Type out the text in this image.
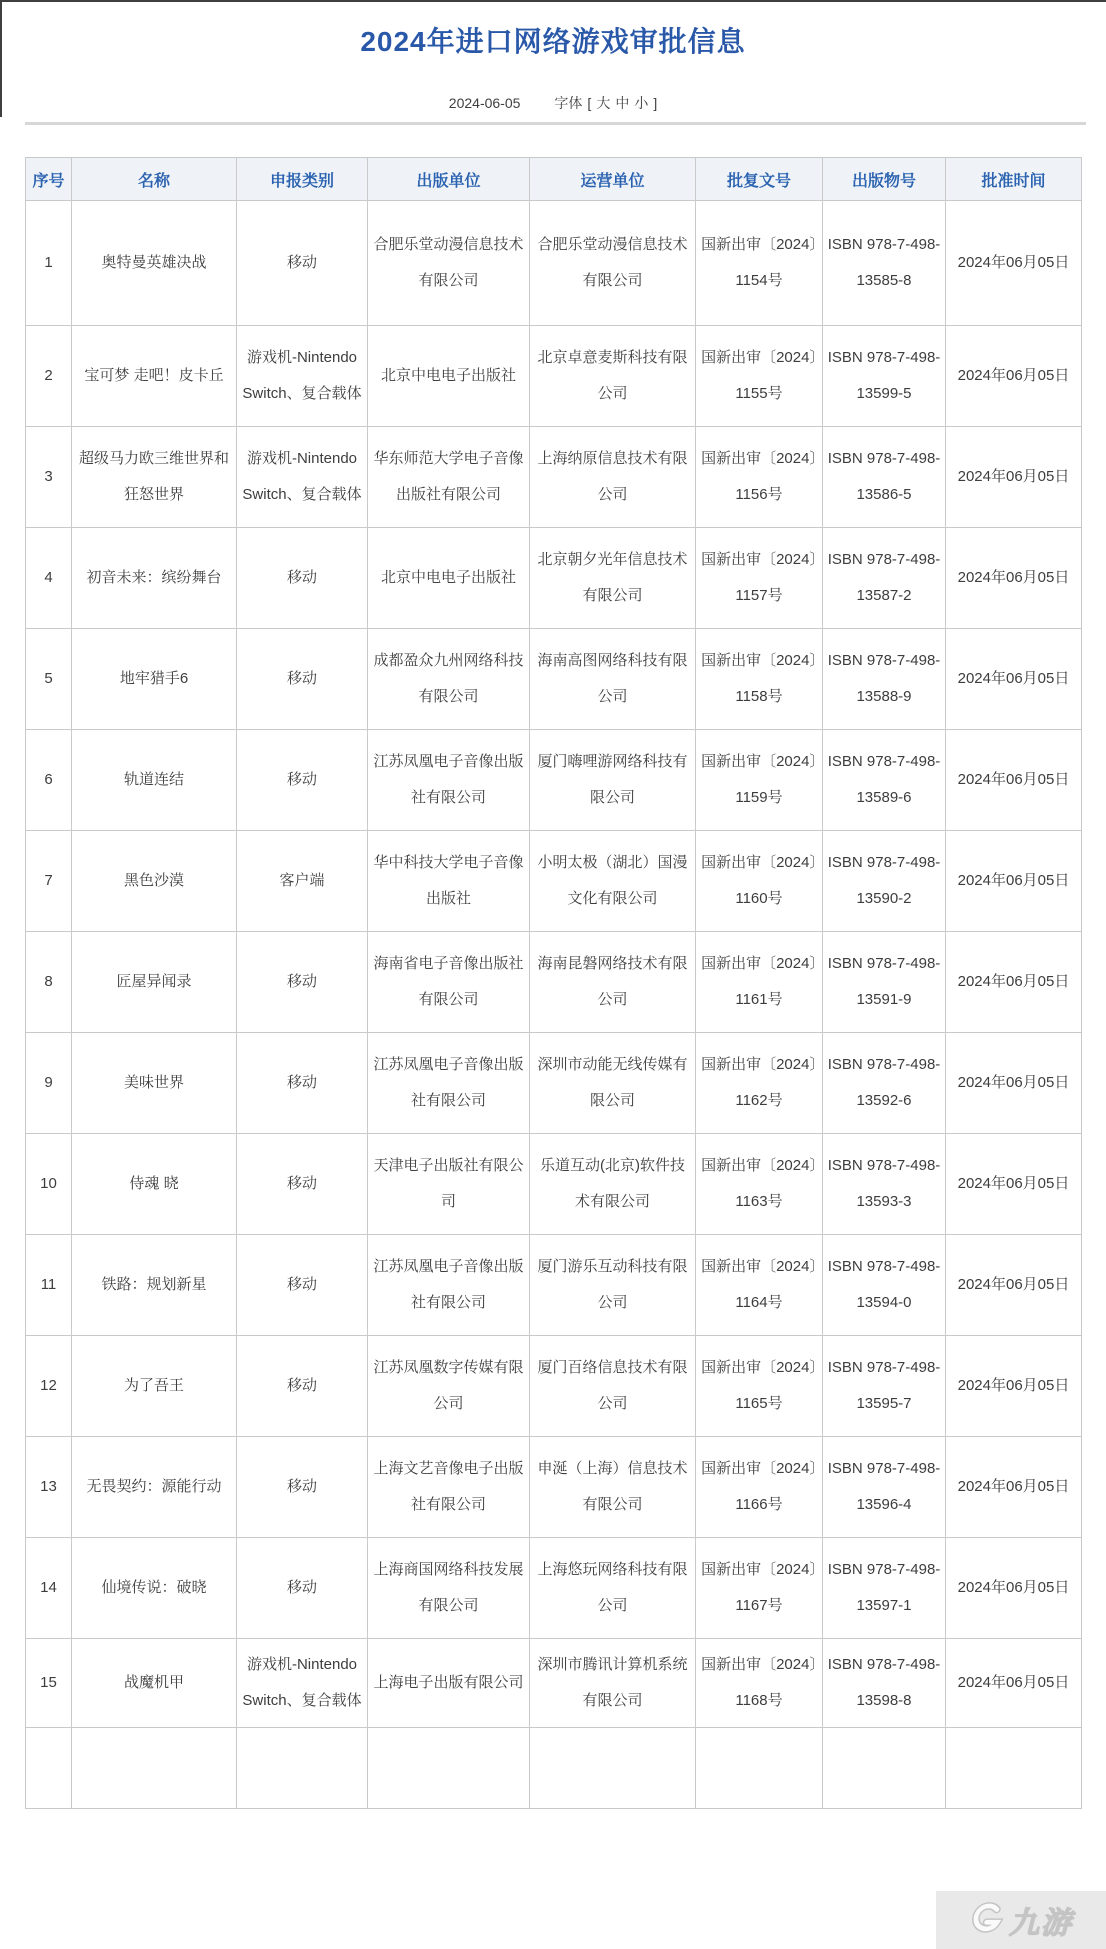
2024年进口网络游戏审批信息
2024-06-05 字体 [ 大 中 小 ]
序号	名称	申报类别	出版单位	运营单位	批复文号	出版物号	批准时间
1	奥特曼英雄决战	移动	合肥乐堂动漫信息技术有限公司	合肥乐堂动漫信息技术有限公司	国新出审〔2024〕1154号	ISBN 978-7-498-13585-8	2024年06月05日
2	宝可梦 走吧！皮卡丘	游戏机-Nintendo Switch、复合载体	北京中电电子出版社	北京卓意麦斯科技有限公司	国新出审〔2024〕1155号	ISBN 978-7-498-13599-5	2024年06月05日
3	超级马力欧三维世界和狂怒世界	游戏机-Nintendo Switch、复合载体	华东师范大学电子音像出版社有限公司	上海纳原信息技术有限公司	国新出审〔2024〕1156号	ISBN 978-7-498-13586-5	2024年06月05日
4	初音未来：缤纷舞台	移动	北京中电电子出版社	北京朝夕光年信息技术有限公司	国新出审〔2024〕1157号	ISBN 978-7-498-13587-2	2024年06月05日
5	地牢猎手6	移动	成都盈众九州网络科技有限公司	海南高图网络科技有限公司	国新出审〔2024〕1158号	ISBN 978-7-498-13588-9	2024年06月05日
6	轨道连结	移动	江苏凤凰电子音像出版社有限公司	厦门嗨哩游网络科技有限公司	国新出审〔2024〕1159号	ISBN 978-7-498-13589-6	2024年06月05日
7	黑色沙漠	客户端	华中科技大学电子音像出版社	小明太极（湖北）国漫文化有限公司	国新出审〔2024〕1160号	ISBN 978-7-498-13590-2	2024年06月05日
8	匠屋异闻录	移动	海南省电子音像出版社有限公司	海南昆磐网络技术有限公司	国新出审〔2024〕1161号	ISBN 978-7-498-13591-9	2024年06月05日
9	美味世界	移动	江苏凤凰电子音像出版社有限公司	深圳市动能无线传媒有限公司	国新出审〔2024〕1162号	ISBN 978-7-498-13592-6	2024年06月05日
10	侍魂 晓	移动	天津电子出版社有限公司	乐道互动(北京)软件技术有限公司	国新出审〔2024〕1163号	ISBN 978-7-498-13593-3	2024年06月05日
11	铁路：规划新星	移动	江苏凤凰电子音像出版社有限公司	厦门游乐互动科技有限公司	国新出审〔2024〕1164号	ISBN 978-7-498-13594-0	2024年06月05日
12	为了吾王	移动	江苏凤凰数字传媒有限公司	厦门百络信息技术有限公司	国新出审〔2024〕1165号	ISBN 978-7-498-13595-7	2024年06月05日
13	无畏契约：源能行动	移动	上海文艺音像电子出版社有限公司	申涎（上海）信息技术有限公司	国新出审〔2024〕1166号	ISBN 978-7-498-13596-4	2024年06月05日
14	仙境传说：破晓	移动	上海商国网络科技发展有限公司	上海悠玩网络科技有限公司	国新出审〔2024〕1167号	ISBN 978-7-498-13597-1	2024年06月05日
15	战魔机甲	游戏机-Nintendo Switch、复合载体	上海电子出版有限公司	深圳市腾讯计算机系统有限公司	国新出审〔2024〕1168号	ISBN 978-7-498-13598-8	2024年06月05日

九游
